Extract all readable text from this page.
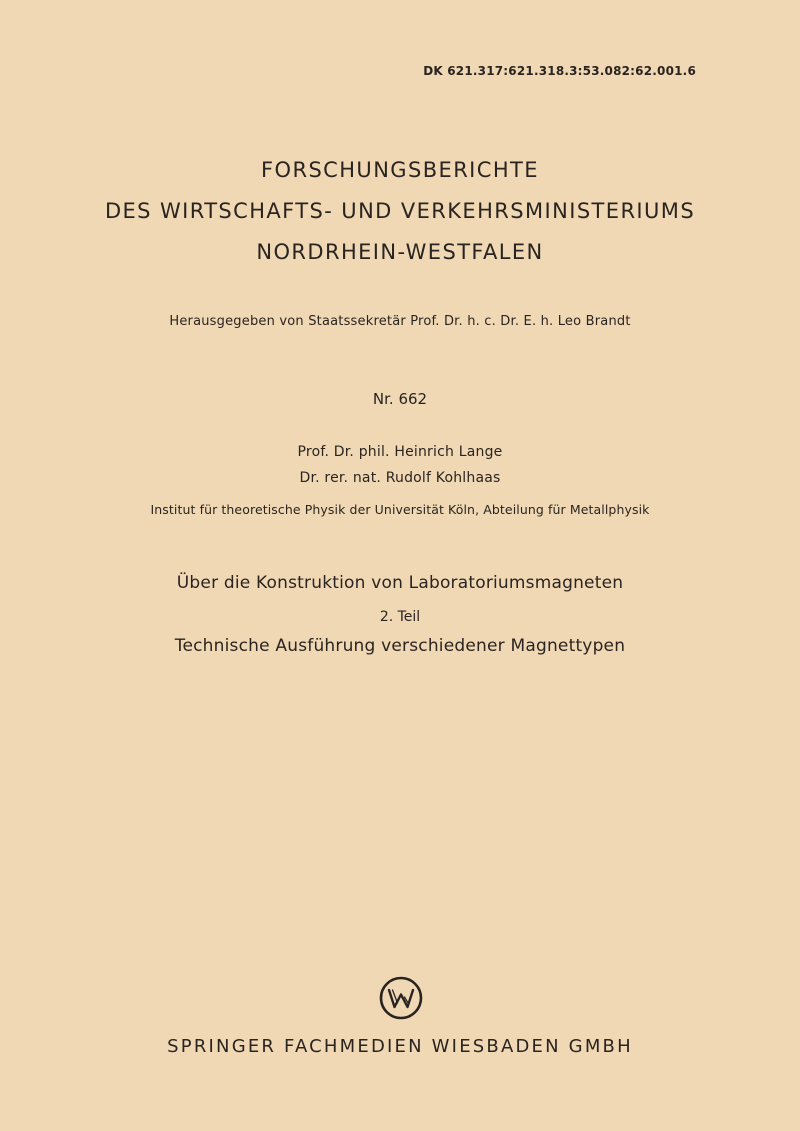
DK 621.317:621.318.3:53.082:62.001.6
FORSCHUNGSBERICHTE
DES WIRTSCHAFTS- UND VERKEHRSMINISTERIUMS
NORDRHEIN-WESTFALEN
Herausgegeben von Staatssekretär Prof. Dr. h. c. Dr. E. h. Leo Brandt
Nr. 662
Prof. Dr. phil. Heinrich Lange
Dr. rer. nat. Rudolf Kohlhaas
Institut für theoretische Physik der Universität Köln, Abteilung für Metallphysik
Über die Konstruktion von Laboratoriumsmagneten
2. Teil
Technische Ausführung verschiedener Magnettypen
SPRINGER FACHMEDIEN WIESBADEN GMBH
